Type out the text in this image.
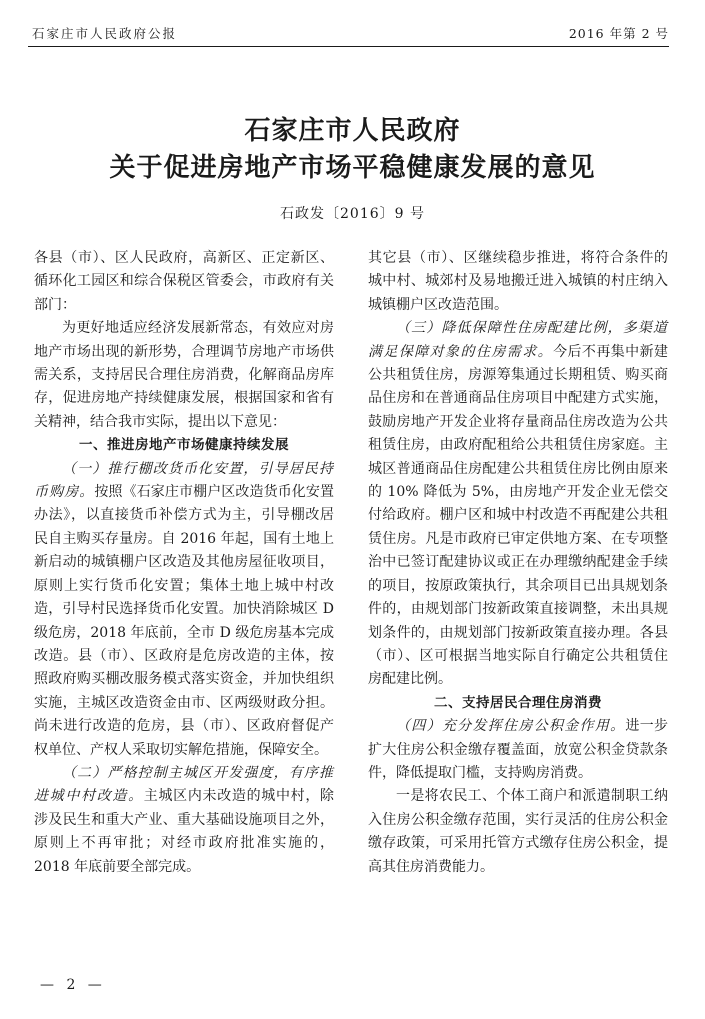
石家庄市人民政府公报	2016 年第 2 号
石家庄市人民政府
关于促进房地产市场平稳健康发展的意见
石政发〔2016〕9 号

各县（市）、区人民政府，高新区、正定新区、循环化工园区和综合保税区管委会，市政府有关部门：

为更好地适应经济发展新常态，有效应对房地产市场出现的新形势，合理调节房地产市场供需关系，支持居民合理住房消费，化解商品房库存，促进房地产持续健康发展，根据国家和省有关精神，结合我市实际，提出以下意见：

一、推进房地产市场健康持续发展

（一）推行棚改货币化安置，引导居民持币购房。按照《石家庄市棚户区改造货币化安置办法》，以直接货币补偿方式为主，引导棚改居民自主购买存量房。自 2016 年起，国有土地上新启动的城镇棚户区改造及其他房屋征收项目，原则上实行货币化安置；集体土地上城中村改造，引导村民选择货币化安置。加快消除城区 D 级危房，2018 年底前，全市 D 级危房基本完成改造。县（市）、区政府是危房改造的主体，按照政府购买棚改服务模式落实资金，并加快组织实施，主城区改造资金由市、区两级财政分担。尚未进行改造的危房，县（市）、区政府督促产权单位、产权人采取切实解危措施，保障安全。

（二）严格控制主城区开发强度，有序推进城中村改造。主城区内未改造的城中村，除涉及民生和重大产业、重大基础设施项目之外，原则上不再审批；对经市政府批准实施的，2018 年底前要全部完成。

其它县（市）、区继续稳步推进，将符合条件的城中村、城郊村及易地搬迁进入城镇的村庄纳入城镇棚户区改造范围。

（三）降低保障性住房配建比例，多渠道满足保障对象的住房需求。今后不再集中新建公共租赁住房，房源筹集通过长期租赁、购买商品住房和在普通商品住房项目中配建方式实施，鼓励房地产开发企业将存量商品住房改造为公共租赁住房，由政府配租给公共租赁住房家庭。主城区普通商品住房配建公共租赁住房比例由原来的 10% 降低为 5%，由房地产开发企业无偿交付给政府。棚户区和城中村改造不再配建公共租赁住房。凡是市政府已审定供地方案、在专项整治中已签订配建协议或正在办理缴纳配建金手续的项目，按原政策执行，其余项目已出具规划条件的，由规划部门按新政策直接调整，未出具规划条件的，由规划部门按新政策直接办理。各县（市）、区可根据当地实际自行确定公共租赁住房配建比例。

二、支持居民合理住房消费

（四）充分发挥住房公积金作用。进一步扩大住房公积金缴存覆盖面，放宽公积金贷款条件，降低提取门槛，支持购房消费。

一是将农民工、个体工商户和派遣制职工纳入住房公积金缴存范围，实行灵活的住房公积金缴存政策，可采用托管方式缴存住房公积金，提高其住房消费能力。

— 2 —
